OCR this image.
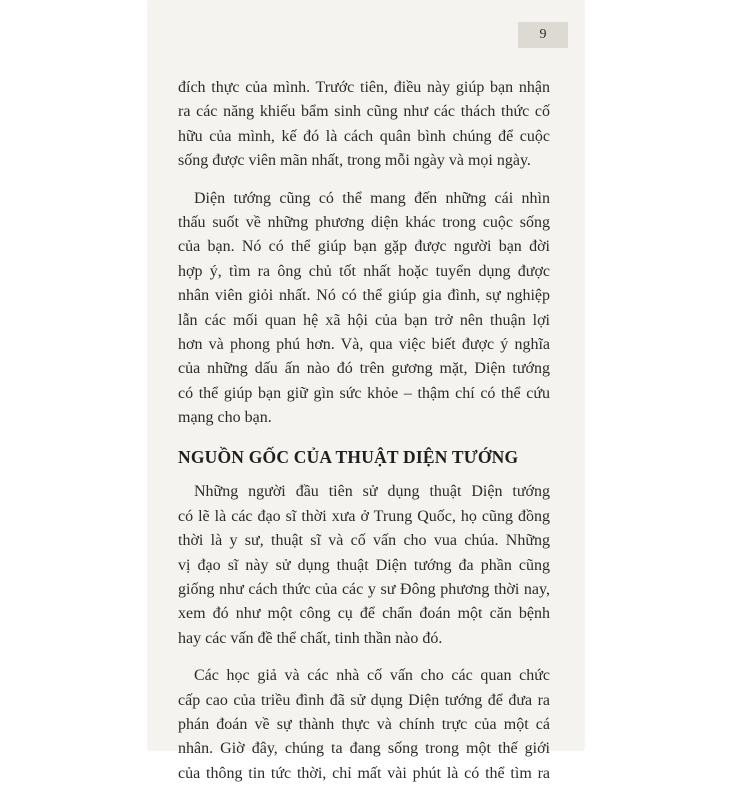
9
đích thực của mình. Trước tiên, điều này giúp bạn nhận
ra các năng khiếu bẩm sinh cũng như các thách thức cố
hữu của mình, kế đó là cách quân bình chúng để cuộc
sống được viên mãn nhất, trong mỗi ngày và mọi ngày.
Diện tướng cũng có thể mang đến những cái nhìn
thấu suốt về những phương diện khác trong cuộc sống
của bạn. Nó có thể giúp bạn gặp được người bạn đời
hợp ý, tìm ra ông chủ tốt nhất hoặc tuyển dụng được
nhân viên giỏi nhất. Nó có thể giúp gia đình, sự nghiệp
lẫn các mối quan hệ xã hội của bạn trở nên thuận lợi
hơn và phong phú hơn. Và, qua việc biết được ý nghĩa
của những dấu ấn nào đó trên gương mặt, Diện tướng
có thể giúp bạn giữ gìn sức khỏe – thậm chí có thể cứu
mạng cho bạn.
NGUỒN GỐC CỦA THUẬT DIỆN TƯỚNG
Những người đầu tiên sử dụng thuật Diện tướng
có lẽ là các đạo sĩ thời xưa ở Trung Quốc, họ cũng đồng
thời là y sư, thuật sĩ và cố vấn cho vua chúa. Những
vị đạo sĩ này sử dụng thuật Diện tướng đa phần cũng
giống như cách thức của các y sư Đông phương thời nay,
xem đó như một công cụ để chẩn đoán một căn bệnh
hay các vấn đề thể chất, tinh thần nào đó.
Các học giả và các nhà cố vấn cho các quan chức
cấp cao của triều đình đã sử dụng Diện tướng để đưa ra
phán đoán về sự thành thực và chính trực của một cá
nhân. Giờ đây, chúng ta đang sống trong một thế giới
của thông tin tức thời, chỉ mất vài phút là có thể tìm ra
